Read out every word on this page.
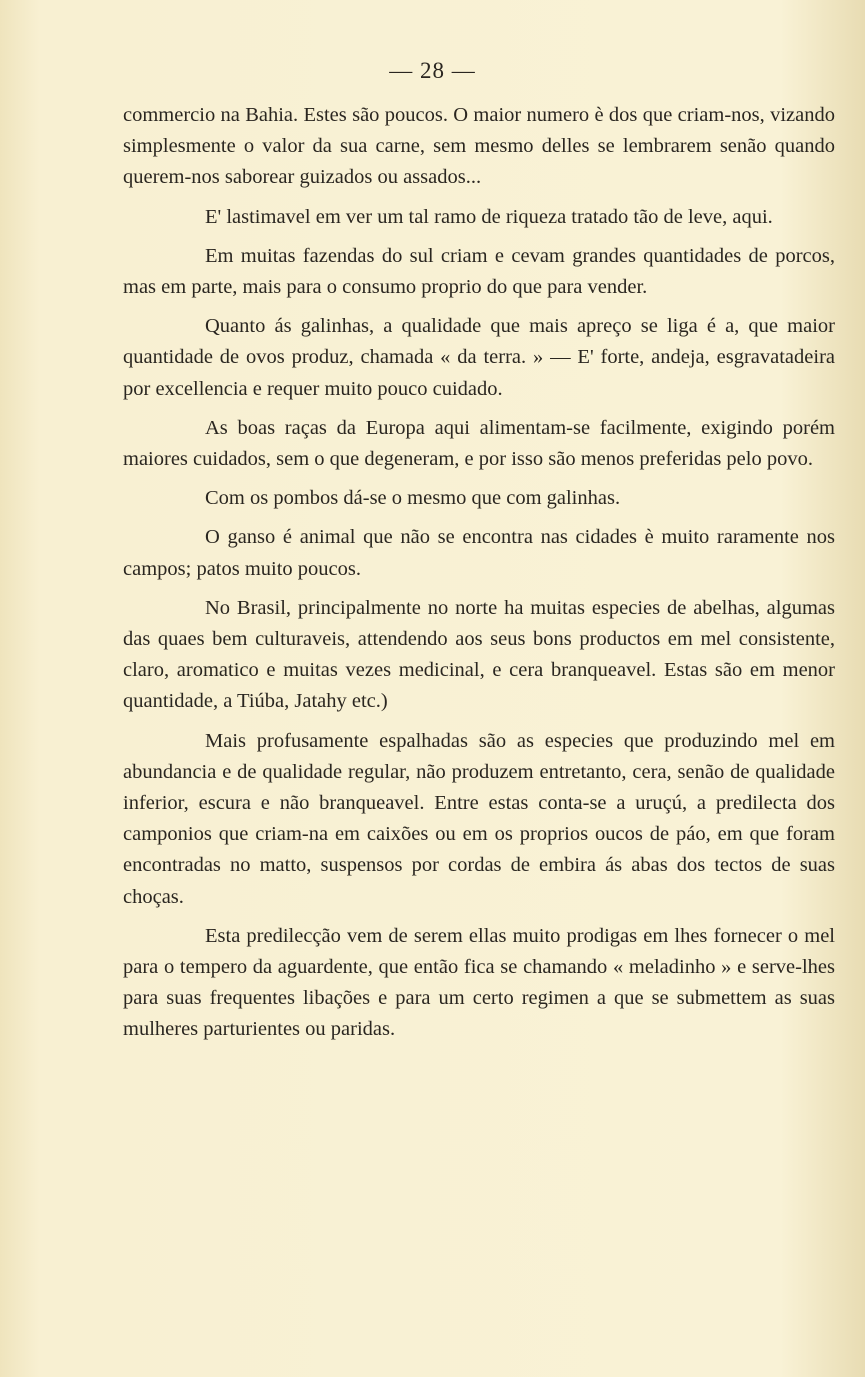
— 28 —

commercio na Bahia. Estes são poucos. O maior numero è dos que criam-nos, vizando simplesmente o valor da sua carne, sem mesmo delles se lembrarem senão quando querem-nos saborear guizados ou assados...

E' lastimavel em ver um tal ramo de riqueza tratado tão de leve, aqui.

Em muitas fazendas do sul criam e cevam grandes quantidades de porcos, mas em parte, mais para o consumo proprio do que para vender.

Quanto ás galinhas, a qualidade que mais apreço se liga é a, que maior quantidade de ovos produz, chamada « da terra. » — E' forte, andeja, esgravatadeira por excellencia e requer muito pouco cuidado.

As boas raças da Europa aqui alimentam-se facilmente, exigindo porém maiores cuidados, sem o que degeneram, e por isso são menos preferidas pelo povo.

Com os pombos dá-se o mesmo que com galinhas.

O ganso é animal que não se encontra nas cidades è muito raramente nos campos; patos muito poucos.

No Brasil, principalmente no norte ha muitas especies de abelhas, algumas das quaes bem culturaveis, attendendo aos seus bons productos em mel consistente, claro, aromatico e muitas vezes medicinal, e cera branqueavel. Estas são em menor quantidade, a Tiúba, Jatahy etc.)

Mais profusamente espalhadas são as especies que produzindo mel em abundancia e de qualidade regular, não produzem entretanto, cera, senão de qualidade inferior, escura e não branqueavel. Entre estas conta-se a uruçú, a predilecta dos camponios que criam-na em caixões ou em os proprios oucos de páo, em que foram encontradas no matto, suspensos por cordas de embira ás abas dos tectos de suas choças.

Esta predilecção vem de serem ellas muito prodigas em lhes fornecer o mel para o tempero da aguardente, que então fica se chamando « meladinho » e serve-lhes para suas frequentes libações e para um certo regimen a que se submettem as suas mulheres parturientes ou paridas.
